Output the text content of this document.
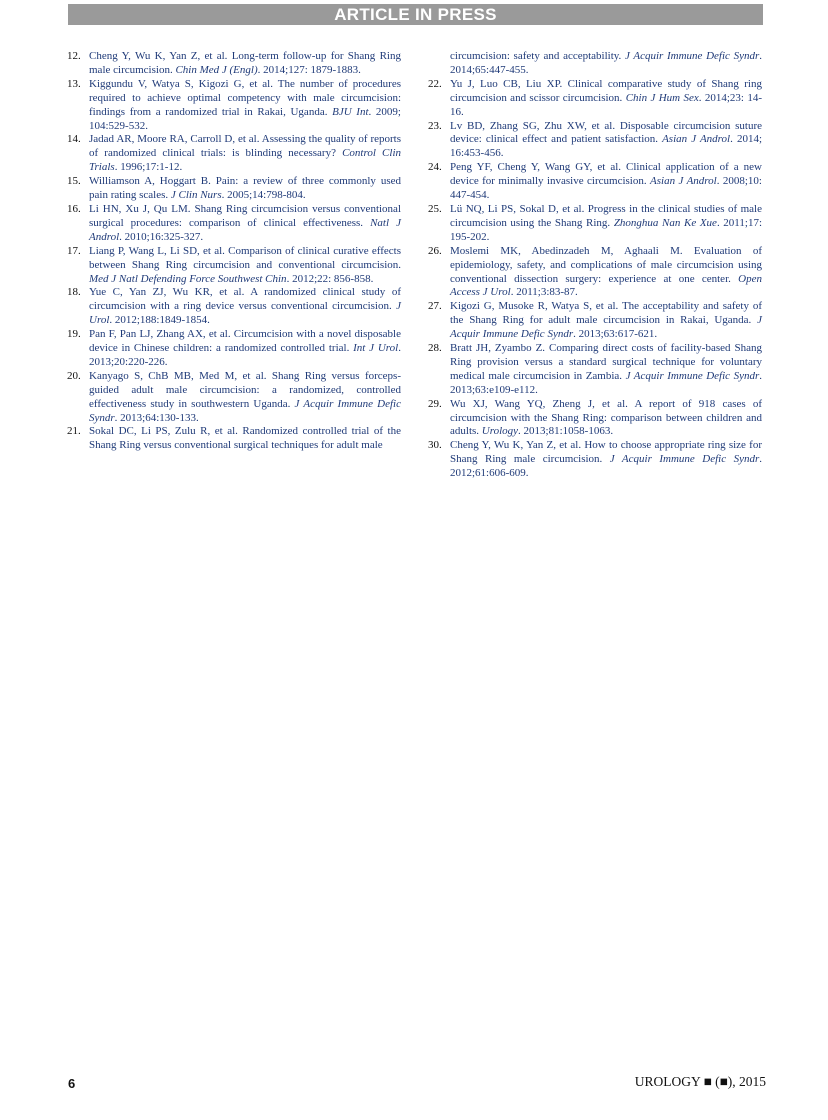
ARTICLE IN PRESS
12. Cheng Y, Wu K, Yan Z, et al. Long-term follow-up for Shang Ring male circumcision. Chin Med J (Engl). 2014;127: 1879-1883.
13. Kiggundu V, Watya S, Kigozi G, et al. The number of procedures required to achieve optimal competency with male circumcision: findings from a randomized trial in Rakai, Uganda. BJU Int. 2009; 104:529-532.
14. Jadad AR, Moore RA, Carroll D, et al. Assessing the quality of reports of randomized clinical trials: is blinding necessary? Control Clin Trials. 1996;17:1-12.
15. Williamson A, Hoggart B. Pain: a review of three commonly used pain rating scales. J Clin Nurs. 2005;14:798-804.
16. Li HN, Xu J, Qu LM. Shang Ring circumcision versus conventional surgical procedures: comparison of clinical effectiveness. Natl J Androl. 2010;16:325-327.
17. Liang P, Wang L, Li SD, et al. Comparison of clinical curative effects between Shang Ring circumcision and conventional circumcision. Med J Natl Defending Force Southwest Chin. 2012;22: 856-858.
18. Yue C, Yan ZJ, Wu KR, et al. A randomized clinical study of circumcision with a ring device versus conventional circumcision. J Urol. 2012;188:1849-1854.
19. Pan F, Pan LJ, Zhang AX, et al. Circumcision with a novel disposable device in Chinese children: a randomized controlled trial. Int J Urol. 2013;20:220-226.
20. Kanyago S, ChB MB, Med M, et al. Shang Ring versus forceps-guided adult male circumcision: a randomized, controlled effectiveness study in southwestern Uganda. J Acquir Immune Defic Syndr. 2013;64:130-133.
21. Sokal DC, Li PS, Zulu R, et al. Randomized controlled trial of the Shang Ring versus conventional surgical techniques for adult male
circumcision: safety and acceptability. J Acquir Immune Defic Syndr. 2014;65:447-455.
22. Yu J, Luo CB, Liu XP. Clinical comparative study of Shang ring circumcision and scissor circumcision. Chin J Hum Sex. 2014;23: 14-16.
23. Lv BD, Zhang SG, Zhu XW, et al. Disposable circumcision suture device: clinical effect and patient satisfaction. Asian J Androl. 2014; 16:453-456.
24. Peng YF, Cheng Y, Wang GY, et al. Clinical application of a new device for minimally invasive circumcision. Asian J Androl. 2008;10: 447-454.
25. Lü NQ, Li PS, Sokal D, et al. Progress in the clinical studies of male circumcision using the Shang Ring. Zhonghua Nan Ke Xue. 2011;17: 195-202.
26. Moslemi MK, Abedinzadeh M, Aghaali M. Evaluation of epidemiology, safety, and complications of male circumcision using conventional dissection surgery: experience at one center. Open Access J Urol. 2011;3:83-87.
27. Kigozi G, Musoke R, Watya S, et al. The acceptability and safety of the Shang Ring for adult male circumcision in Rakai, Uganda. J Acquir Immune Defic Syndr. 2013;63:617-621.
28. Bratt JH, Zyambo Z. Comparing direct costs of facility-based Shang Ring provision versus a standard surgical technique for voluntary medical male circumcision in Zambia. J Acquir Immune Defic Syndr. 2013;63:e109-e112.
29. Wu XJ, Wang YQ, Zheng J, et al. A report of 918 cases of circumcision with the Shang Ring: comparison between children and adults. Urology. 2013;81:1058-1063.
30. Cheng Y, Wu K, Yan Z, et al. How to choose appropriate ring size for Shang Ring male circumcision. J Acquir Immune Defic Syndr. 2012;61:606-609.
6	UROLOGY ■ (■), 2015
